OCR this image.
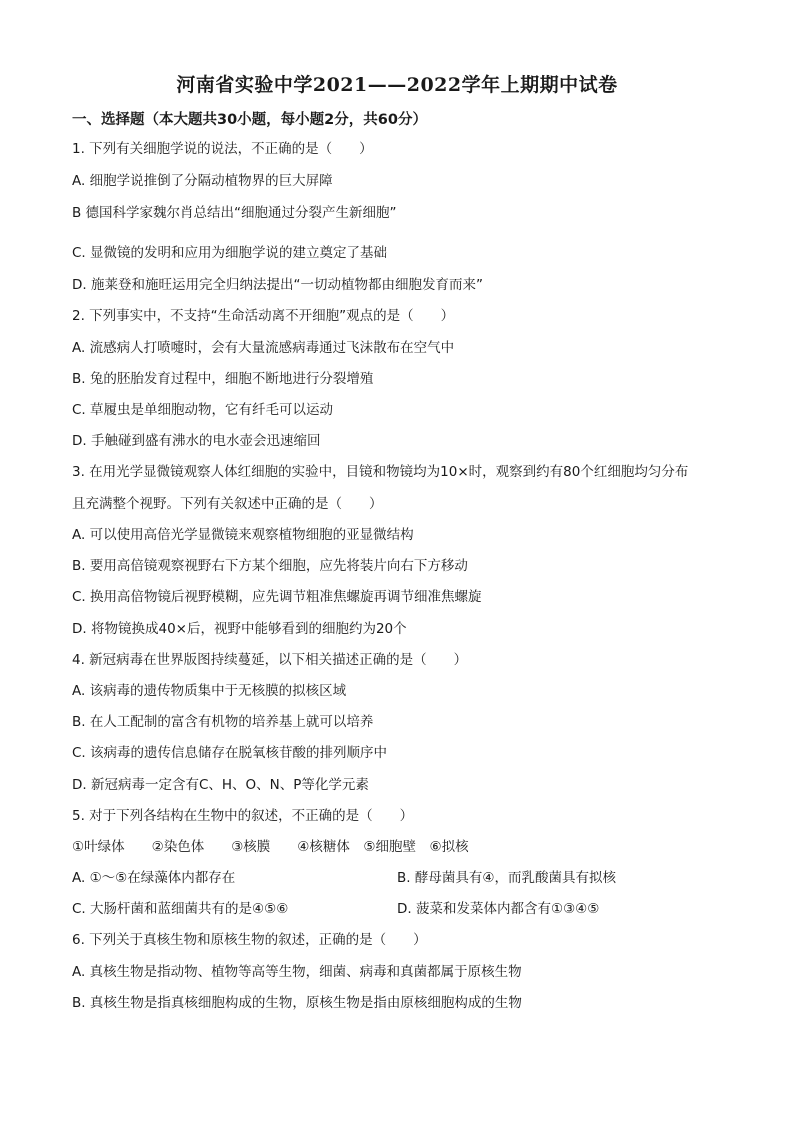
河南省实验中学2021——2022学年上期期中试卷
一、选择题（本大题共30小题，每小题2分，共60分）
1. 下列有关细胞学说的说法，不正确的是（　　）
A. 细胞学说推倒了分隔动植物界的巨大屏障
B 德国科学家魏尔肖总结出“细胞通过分裂产生新细胞”
C. 显微镜的发明和应用为细胞学说的建立奠定了基础
D. 施莱登和施旺运用完全归纳法提出“一切动植物都由细胞发育而来”
2. 下列事实中，不支持“生命活动离不开细胞”观点的是（　　）
A. 流感病人打喷嚏时，会有大量流感病毒通过飞沫散布在空气中
B. 兔的胚胎发育过程中，细胞不断地进行分裂增殖
C. 草履虫是单细胞动物，它有纤毛可以运动
D. 手触碰到盛有沸水的电水壶会迅速缩回
3. 在用光学显微镜观察人体红细胞的实验中，目镜和物镜均为10×时，观察到约有80个红细胞均匀分布
且充满整个视野。下列有关叙述中正确的是（　　）
A. 可以使用高倍光学显微镜来观察植物细胞的亚显微结构
B. 要用高倍镜观察视野右下方某个细胞，应先将装片向右下方移动
C. 换用高倍物镜后视野模糊，应先调节粗准焦螺旋再调节细准焦螺旋
D. 将物镜换成40×后，视野中能够看到的细胞约为20个
4. 新冠病毒在世界版图持续蔓延，以下相关描述正确的是（　　）
A. 该病毒的遗传物质集中于无核膜的拟核区域
B. 在人工配制的富含有机物的培养基上就可以培养
C. 该病毒的遗传信息储存在脱氧核苷酸的排列顺序中
D. 新冠病毒一定含有C、H、O、N、P等化学元素
5. 对于下列各结构在生物中的叙述，不正确的是（　　）
①叶绿体　　②染色体　　③核膜　　④核糖体　⑤细胞壁　⑥拟核
A. ①～⑤在绿藻体内都存在	B. 酵母菌具有④，而乳酸菌具有拟核
C. 大肠杆菌和蓝细菌共有的是④⑤⑥	D. 菠菜和发菜体内都含有①③④⑤
6. 下列关于真核生物和原核生物的叙述，正确的是（　　）
A. 真核生物是指动物、植物等高等生物，细菌、病毒和真菌都属于原核生物
B. 真核生物是指真核细胞构成的生物，原核生物是指由原核细胞构成的生物
